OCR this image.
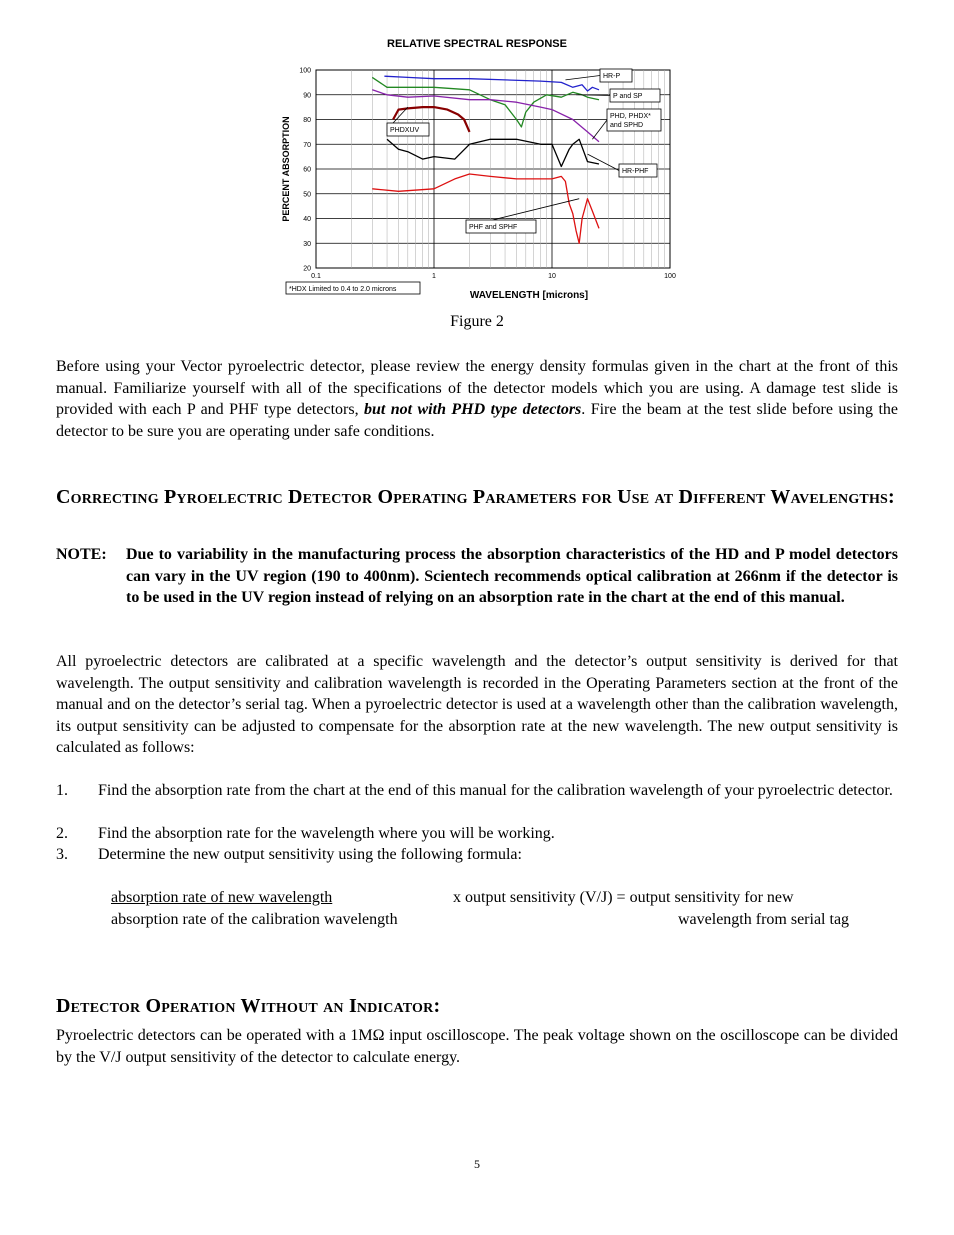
RELATIVE SPECTRAL RESPONSE
20
30
40
50
60
70
80
90
100
0.1	1	10	100
HR-P
P and SP
PHD, PHDX*
and SPHD
PHDXUV
HR-PHF
PHF and SPHF
*HDX Limited to 0.4 to 2.0 microns
WAVELENGTH [microns]
PERCENT ABSORPTION
Figure 2

Before using your Vector pyroelectric detector, please review the energy density formulas given in the chart at the front of this manual. Familiarize yourself with all of the specifications of the detector models which you are using. A damage test slide is provided with each P and PHF type detectors, but not with PHD type detectors. Fire the beam at the test slide before using the detector to be sure you are operating under safe conditions.

Correcting Pyroelectric Detector Operating Parameters for Use at Different Wavelengths:
NOTE: Due to variability in the manufacturing process the absorption characteristics of the HD and P model detectors can vary in the UV region (190 to 400nm). Scientech recommends optical calibration at 266nm if the detector is to be used in the UV region instead of relying on an absorption rate in the chart at the end of this manual.

All pyroelectric detectors are calibrated at a specific wavelength and the detector’s output sensitivity is derived for that wavelength. The output sensitivity and calibration wavelength is recorded in the Operating Parameters section at the front of the manual and on the detector’s serial tag. When a pyroelectric detector is used at a wavelength other than the calibration wavelength, its output sensitivity can be adjusted to compensate for the absorption rate at the new wavelength. The new output sensitivity is calculated as follows:

1. Find the absorption rate from the chart at the end of this manual for the calibration wavelength of your pyroelectric detector.

2. Find the absorption rate for the wavelength where you will be working.

3. Determine the new output sensitivity using the following formula:

absorption rate of new wavelength
absorption rate of the calibration wavelength
x output sensitivity (V/J) = output sensitivity for new
wavelength from serial tag
Detector Operation Without an Indicator:

Pyroelectric detectors can be operated with a 1MΩ input oscilloscope. The peak voltage shown on the oscilloscope can be divided by the V/J output sensitivity of the detector to calculate energy.

5
